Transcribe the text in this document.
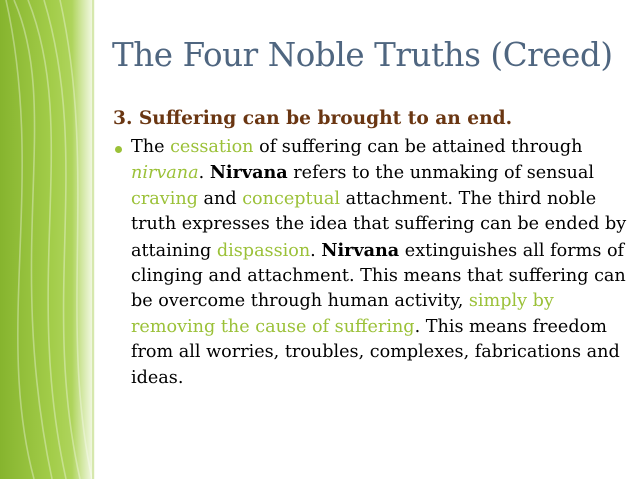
The Four Noble Truths (Creed)
3. Suffering can be brought to an end.

The cessation of suffering can be attained through nirvana. Nirvana refers to the unmaking of sensual craving and conceptual attachment. The third noble truth expresses the idea that suffering can be ended by attaining dispassion. Nirvana extinguishes all forms of clinging and attachment. This means that suffering can be overcome through human activity, simply by removing the cause of suffering. This means freedom from all worries, troubles, complexes, fabrications and ideas.
